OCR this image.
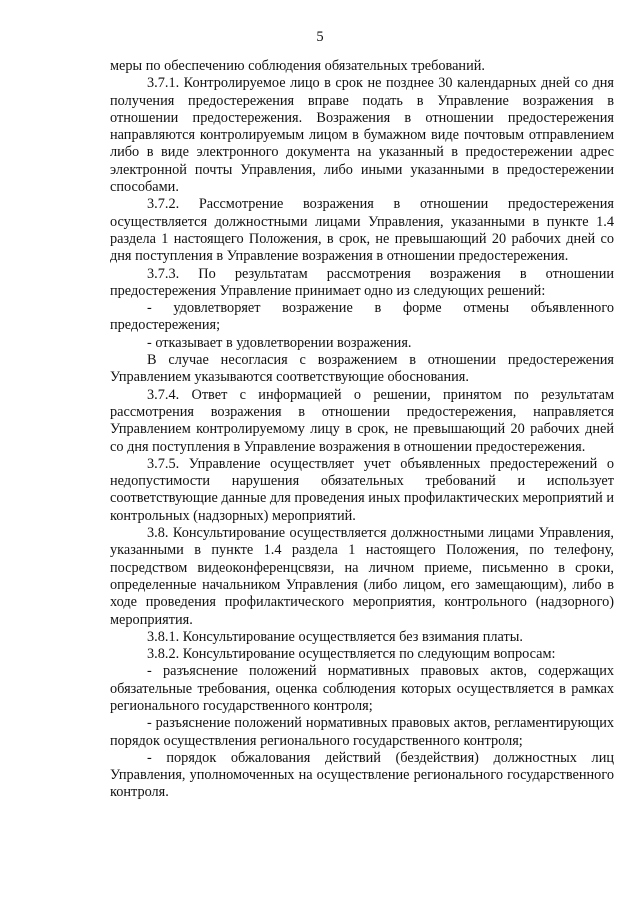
5

меры по обеспечению соблюдения обязательных требований.

3.7.1. Контролируемое лицо в срок не позднее 30 календарных дней со дня получения предостережения вправе подать в Управление возражения в отношении предостережения. Возражения в отношении предостережения направляются контролируемым лицом в бумажном виде почтовым отправлением либо в виде электронного документа на указанный в предостережении адрес электронной почты Управления, либо иными указанными в предостережении способами.

3.7.2. Рассмотрение возражения в отношении предостережения осуществляется должностными лицами Управления, указанными в пункте 1.4 раздела 1 настоящего Положения, в срок, не превышающий 20 рабочих дней со дня поступления в Управление возражения в отношении предостережения.

3.7.3. По результатам рассмотрения возражения в отношении предостережения Управление принимает одно из следующих решений:

- удовлетворяет возражение в форме отмены объявленного предостережения;

- отказывает в удовлетворении возражения.

В случае несогласия с возражением в отношении предостережения Управлением указываются соответствующие обоснования.

3.7.4. Ответ с информацией о решении, принятом по результатам рассмотрения возражения в отношении предостережения, направляется Управлением контролируемому лицу в срок, не превышающий 20 рабочих дней со дня поступления в Управление возражения в отношении предостережения.

3.7.5. Управление осуществляет учет объявленных предостережений о недопустимости нарушения обязательных требований и использует соответствующие данные для проведения иных профилактических мероприятий и контрольных (надзорных) мероприятий.

3.8. Консультирование осуществляется должностными лицами Управления, указанными в пункте 1.4 раздела 1 настоящего Положения, по телефону, посредством видеоконференцсвязи, на личном приеме, письменно в сроки, определенные начальником Управления (либо лицом, его замещающим), либо в ходе проведения профилактического мероприятия, контрольного (надзорного) мероприятия.

3.8.1. Консультирование осуществляется без взимания платы.

3.8.2. Консультирование осуществляется по следующим вопросам:

- разъяснение положений нормативных правовых актов, содержащих обязательные требования, оценка соблюдения которых осуществляется в рамках регионального государственного контроля;

- разъяснение положений нормативных правовых актов, регламентирующих порядок осуществления регионального государственного контроля;

- порядок обжалования действий (бездействия) должностных лиц Управления, уполномоченных на осуществление регионального государственного контроля.
